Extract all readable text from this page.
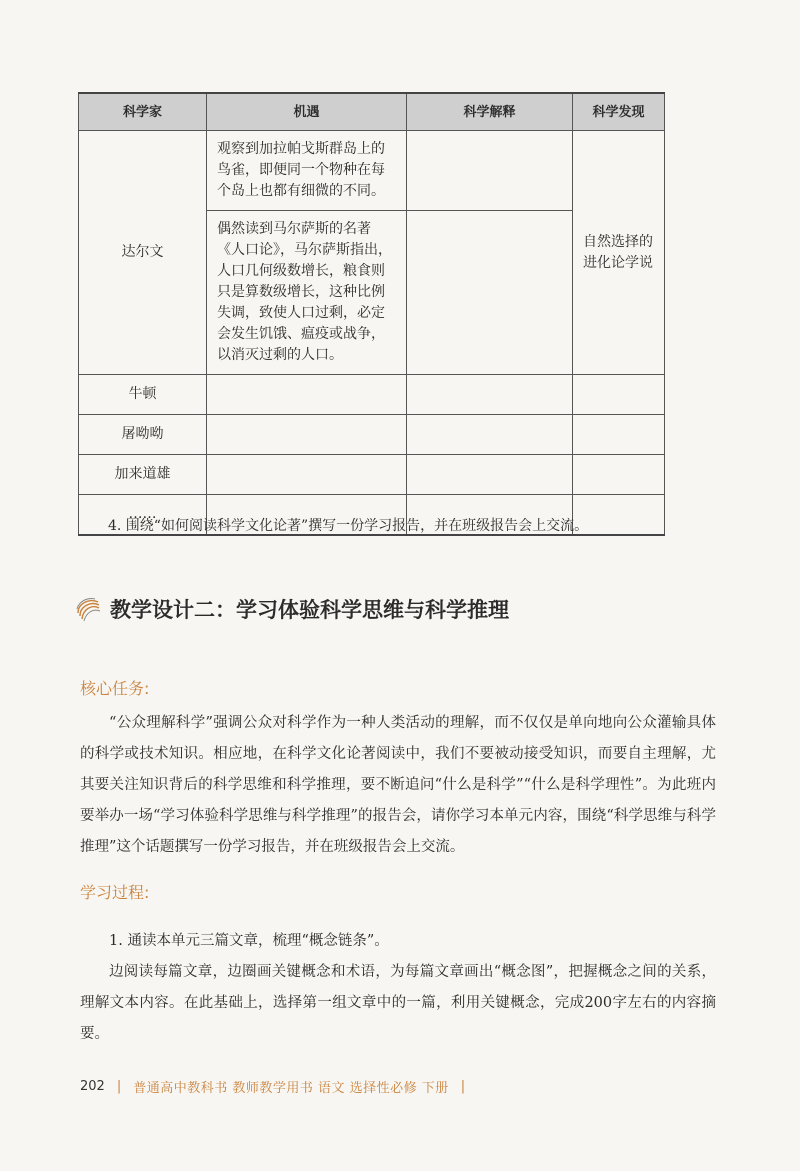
科学家	机遇	科学解释	科学发现
达尔文	观察到加拉帕戈斯群岛上的鸟雀，即便同一个物种在每个岛上也都有细微的不同。		自然选择的进化论学说
	偶然读到马尔萨斯的名著《人口论》，马尔萨斯指出，人口几何级数增长，粮食则只是算数级增长，这种比例失调，致使人口过剩，必定会发生饥饿、瘟疫或战争，以消灭过剩的人口。		
牛顿			
屠呦呦			
加来道雄			
……			
4. 围绕“如何阅读科学文化论著”撰写一份学习报告，并在班级报告会上交流。
教学设计二：学习体验科学思维与科学推理
核心任务:

“公众理解科学”强调公众对科学作为一种人类活动的理解，而不仅仅是单向地向公众灌输具体的科学或技术知识。相应地，在科学文化论著阅读中，我们不要被动接受知识，而要自主理解，尤其要关注知识背后的科学思维和科学推理，要不断追问“什么是科学”“什么是科学理性”。为此班内要举办一场“学习体验科学思维与科学推理”的报告会，请你学习本单元内容，围绕“科学思维与科学推理”这个话题撰写一份学习报告，并在班级报告会上交流。

学习过程:

1. 通读本单元三篇文章，梳理“概念链条”。

边阅读每篇文章，边圈画关键概念和术语，为每篇文章画出“概念图”，把握概念之间的关系，理解文本内容。在此基础上，选择第一组文章中的一篇，利用关键概念，完成200字左右的内容摘要。

202 | 普通高中教科书 教师教学用书 语文 选择性必修 下册 |
